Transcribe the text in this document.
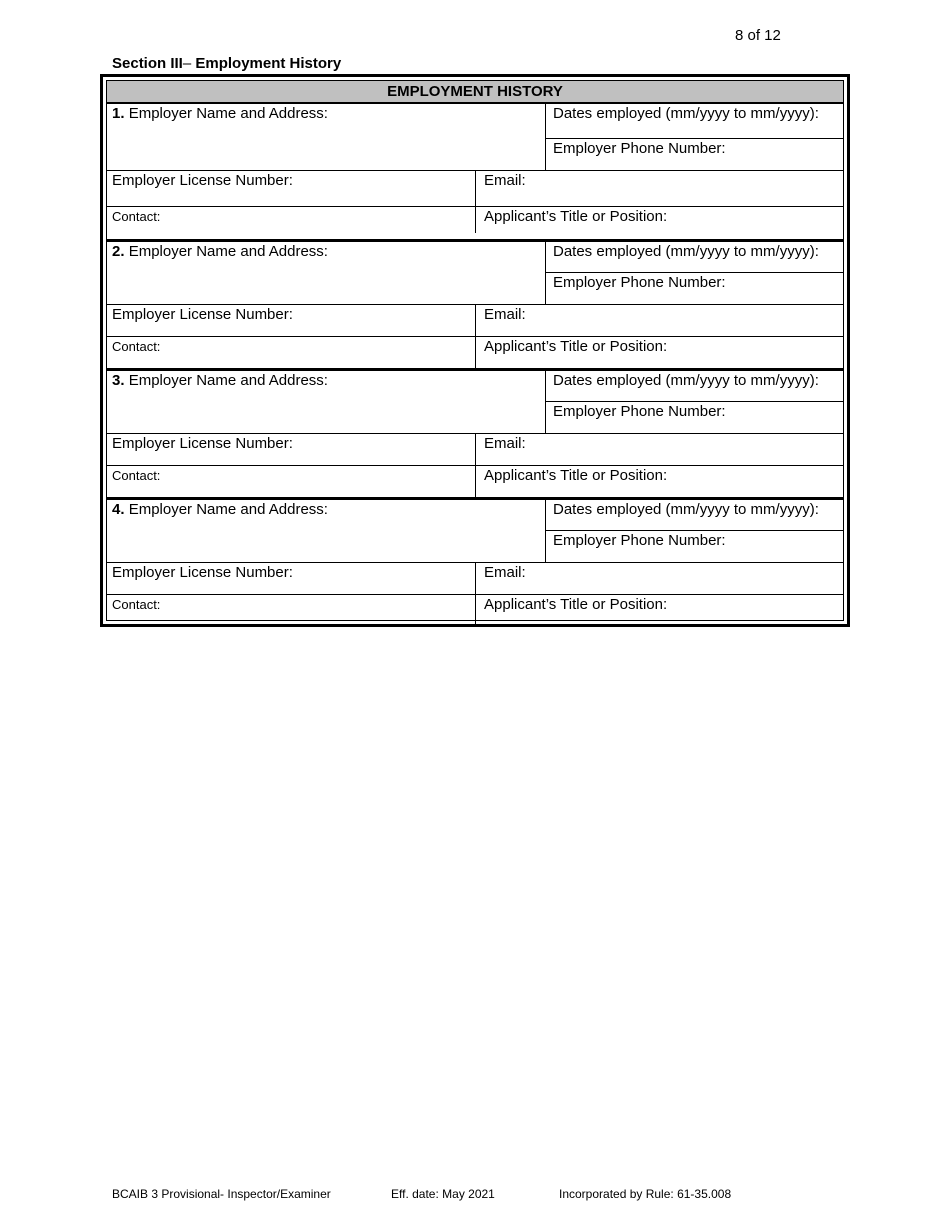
8 of 12
Section III– Employment History
EMPLOYMENT HISTORY
1. Employer Name and Address:	Dates employed (mm/yyyy to mm/yyyy):
Employer Phone Number:
Employer License Number:	Email:
Contact:	Applicant’s Title or Position:
2. Employer Name and Address:	Dates employed (mm/yyyy to mm/yyyy):
Employer Phone Number:
Employer License Number:	Email:
Contact:	Applicant’s Title or Position:
3. Employer Name and Address:	Dates employed (mm/yyyy to mm/yyyy):
Employer Phone Number:
Employer License Number:	Email:
Contact:	Applicant’s Title or Position:
4. Employer Name and Address:	Dates employed (mm/yyyy to mm/yyyy):
Employer Phone Number:
Employer License Number:	Email:
Contact:	Applicant’s Title or Position:
BCAIB 3 Provisional- Inspector/Examiner	Eff. date: May 2021	Incorporated by Rule: 61-35.008
